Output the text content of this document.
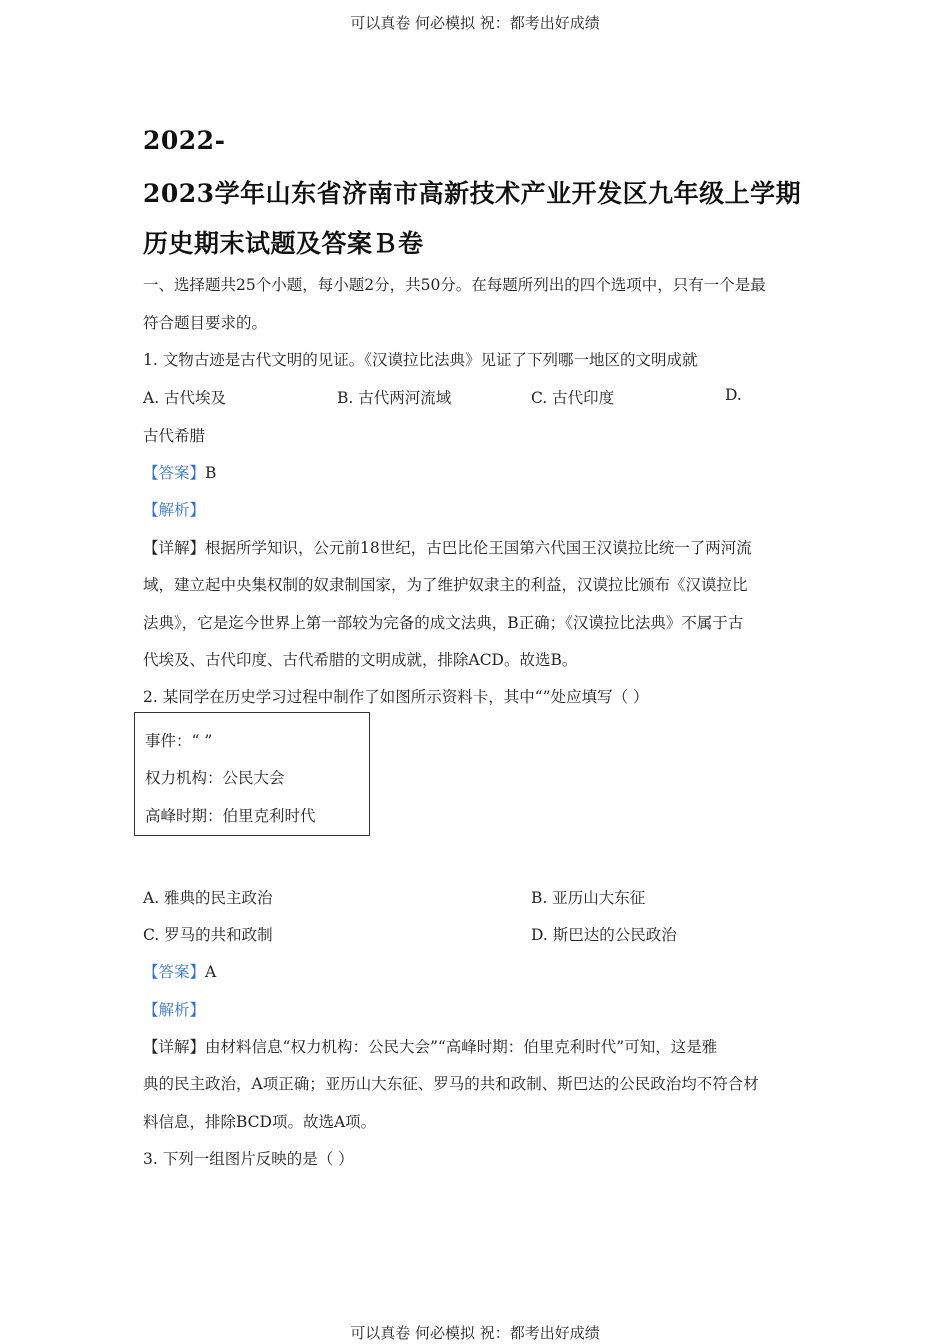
可以真卷 何必模拟 祝：都考出好成绩
2022-
2023学年山东省济南市高新技术产业开发区九年级上学期
历史期末试题及答案Ｂ卷
一、选择题共25个小题，每小题2分，共50分。在每题所列出的四个选项中，只有一个是最
符合题目要求的。
1. 文物古迹是古代文明的见证。《汉谟拉比法典》见证了下列哪一地区的文明成就
A. 古代埃及	B. 古代两河流域	C. 古代印度	D.
古代希腊
【答案】B
【解析】
【详解】根据所学知识，公元前18世纪，古巴比伦王国第六代国王汉谟拉比统一了两河流
域，建立起中央集权制的奴隶制国家，为了维护奴隶主的利益，汉谟拉比颁布《汉谟拉比
法典》，它是迄今世界上第一部较为完备的成文法典，B正确；《汉谟拉比法典》不属于古
代埃及、古代印度、古代希腊的文明成就，排除ACD。故选B。
2. 某同学在历史学习过程中制作了如图所示资料卡，其中“”处应填写（ ）
事件：“ ”
权力机构：公民大会
高峰时期：伯里克利时代
A. 雅典的民主政治	B. 亚历山大东征
C. 罗马的共和政制	D. 斯巴达的公民政治
【答案】A
【解析】
【详解】由材料信息“权力机构：公民大会”“高峰时期：伯里克利时代”可知，这是雅
典的民主政治，A项正确；亚历山大东征、罗马的共和政制、斯巴达的公民政治均不符合材
料信息，排除BCD项。故选A项。
3. 下列一组图片反映的是（ ）
可以真卷 何必模拟 祝：都考出好成绩
